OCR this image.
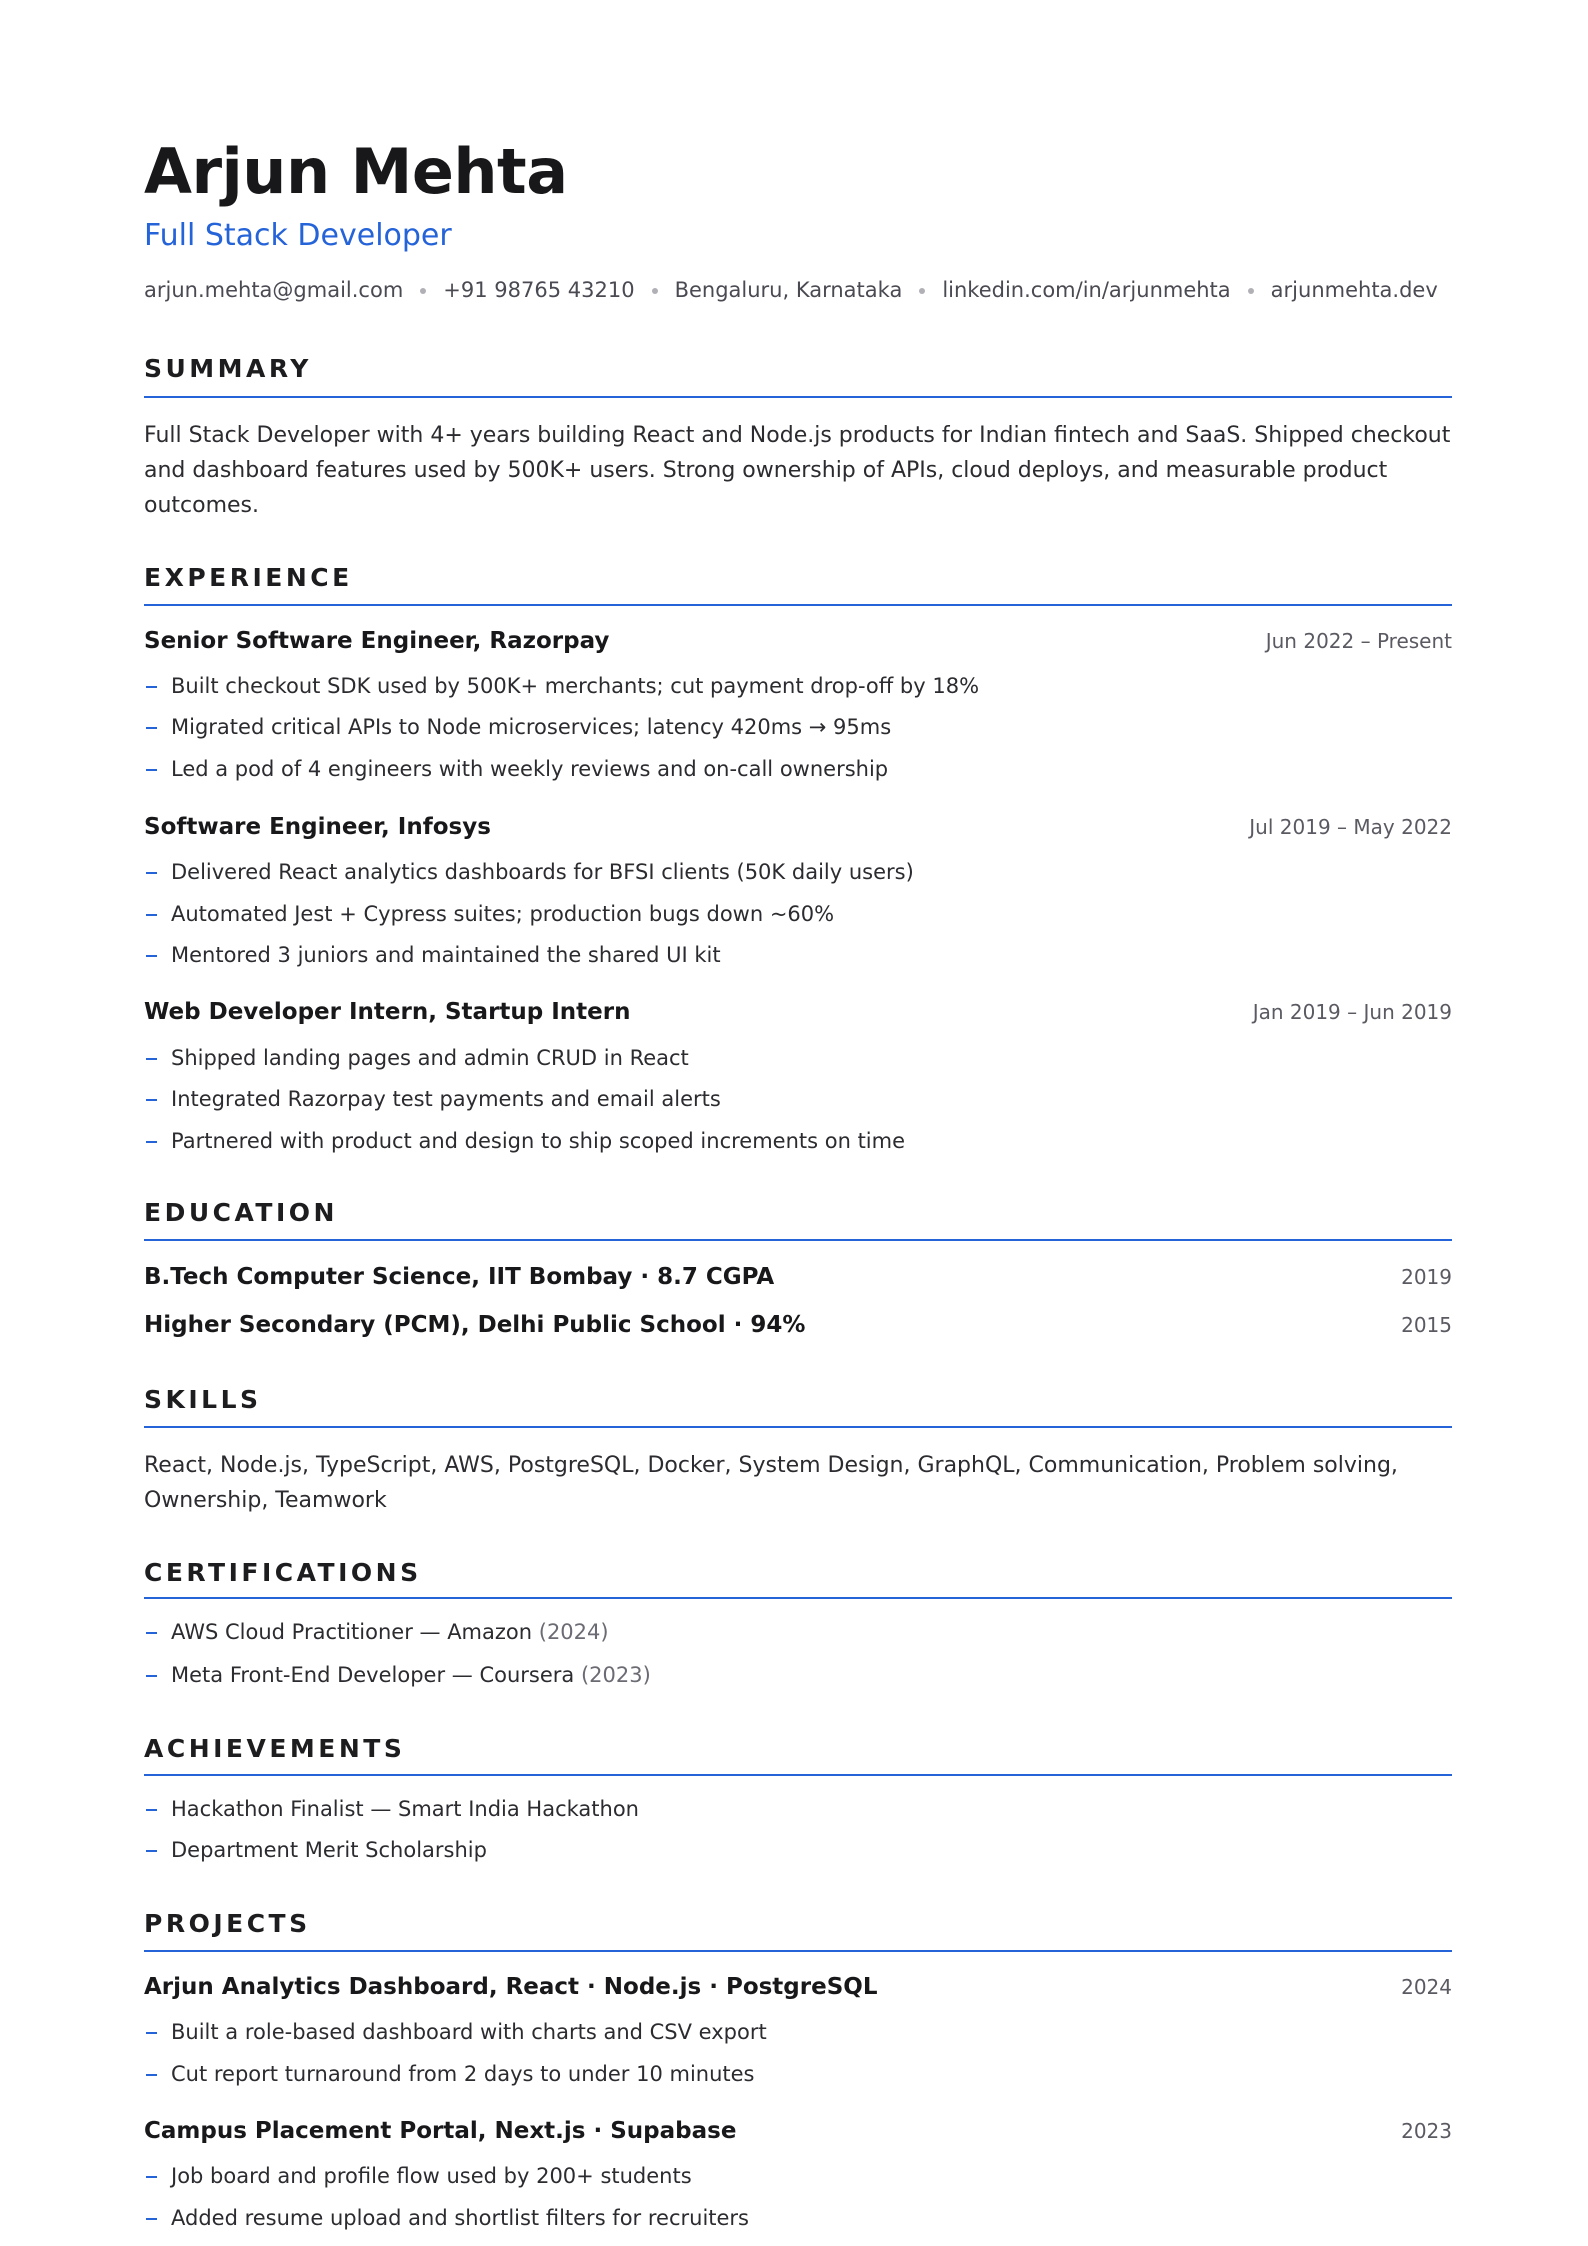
Arjun Mehta
Full Stack Developer
arjun.mehta@gmail.com +91 98765 43210 Bengaluru, Karnataka linkedin.com/in/arjunmehta arjunmehta.dev
SUMMARY

Full Stack Developer with 4+ years building React and Node.js products for Indian fintech and SaaS. Shipped checkout and dashboard features used by 500K+ users. Strong ownership of APIs, cloud deploys, and measurable product outcomes.

EXPERIENCE
Senior Software Engineer, Razorpay	Jun 2022 – Present
Built checkout SDK used by 500K+ merchants; cut payment drop-off by 18%
Migrated critical APIs to Node microservices; latency 420ms → 95ms
Led a pod of 4 engineers with weekly reviews and on-call ownership
Software Engineer, Infosys	Jul 2019 – May 2022
Delivered React analytics dashboards for BFSI clients (50K daily users)
Automated Jest + Cypress suites; production bugs down ~60%
Mentored 3 juniors and maintained the shared UI kit
Web Developer Intern, Startup Intern	Jan 2019 – Jun 2019
Shipped landing pages and admin CRUD in React
Integrated Razorpay test payments and email alerts
Partnered with product and design to ship scoped increments on time
EDUCATION
B.Tech Computer Science, IIT Bombay · 8.7 CGPA	2019
Higher Secondary (PCM), Delhi Public School · 94%	2015
SKILLS

React, Node.js, TypeScript, AWS, PostgreSQL, Docker, System Design, GraphQL, Communication, Problem solving, Ownership, Teamwork

CERTIFICATIONS
AWS Cloud Practitioner — Amazon (2024)
Meta Front-End Developer — Coursera (2023)
ACHIEVEMENTS
Hackathon Finalist — Smart India Hackathon
Department Merit Scholarship
PROJECTS
Arjun Analytics Dashboard, React · Node.js · PostgreSQL	2024
Built a role-based dashboard with charts and CSV export
Cut report turnaround from 2 days to under 10 minutes
Campus Placement Portal, Next.js · Supabase	2023
Job board and profile flow used by 200+ students
Added resume upload and shortlist filters for recruiters
